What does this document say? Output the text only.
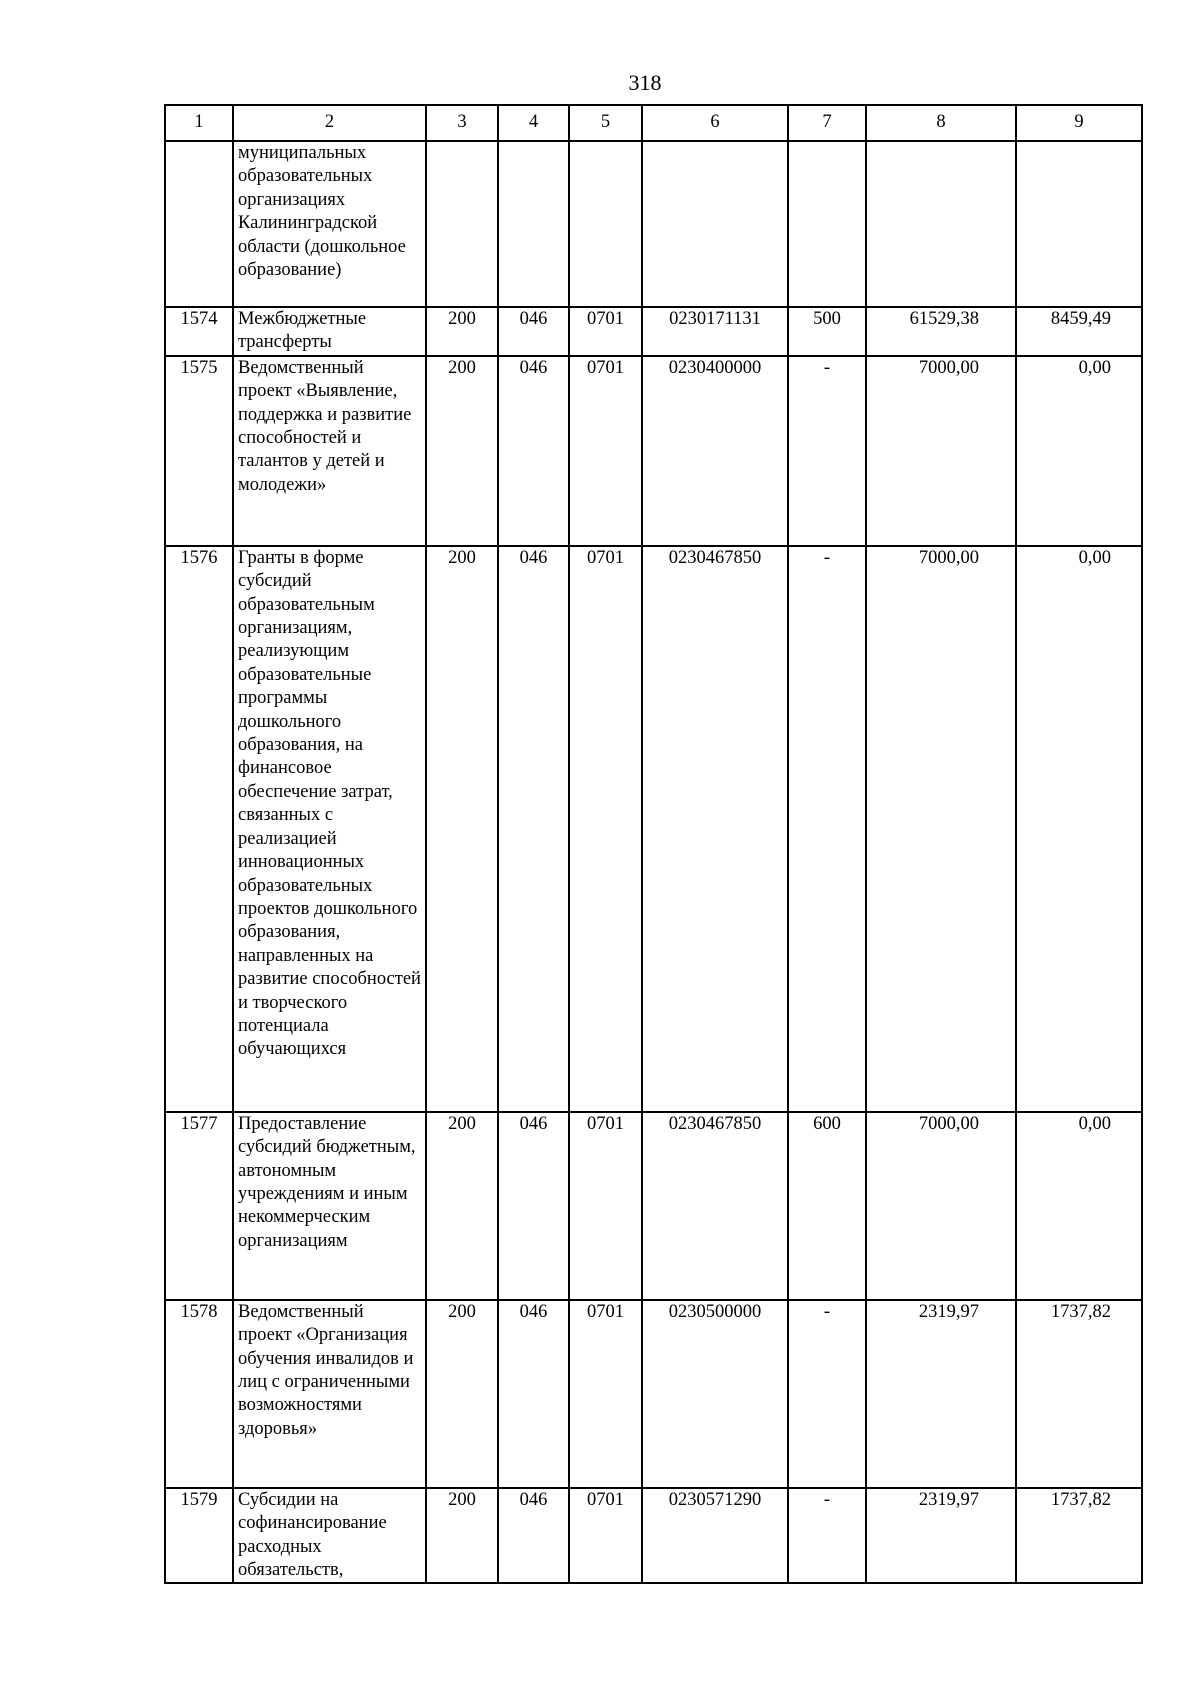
318
1	2	3	4	5	6	7	8	9
	муниципальных образовательных организациях Калининградской области (дошкольное образование)							
1574	Межбюджетные трансферты	200	046	0701	0230171131	500	61529,38	8459,49
1575	Ведомственный проект «Выявление, поддержка и развитие способностей и талантов у детей и молодежи»	200	046	0701	0230400000	-	7000,00	0,00
1576	Гранты в форме субсидий образовательным организациям, реализующим образовательные программы дошкольного образования, на финансовое обеспечение затрат, связанных с реализацией инновационных образовательных проектов дошкольного образования, направленных на развитие способностей и творческого потенциала обучающихся	200	046	0701	0230467850	-	7000,00	0,00
1577	Предоставление субсидий бюджетным, автономным учреждениям и иным некоммерческим организациям	200	046	0701	0230467850	600	7000,00	0,00
1578	Ведомственный проект «Организация обучения инвалидов и лиц с ограниченными возможностями здоровья»	200	046	0701	0230500000	-	2319,97	1737,82
1579	Субсидии на софинансирование расходных обязательств,	200	046	0701	0230571290	-	2319,97	1737,82
